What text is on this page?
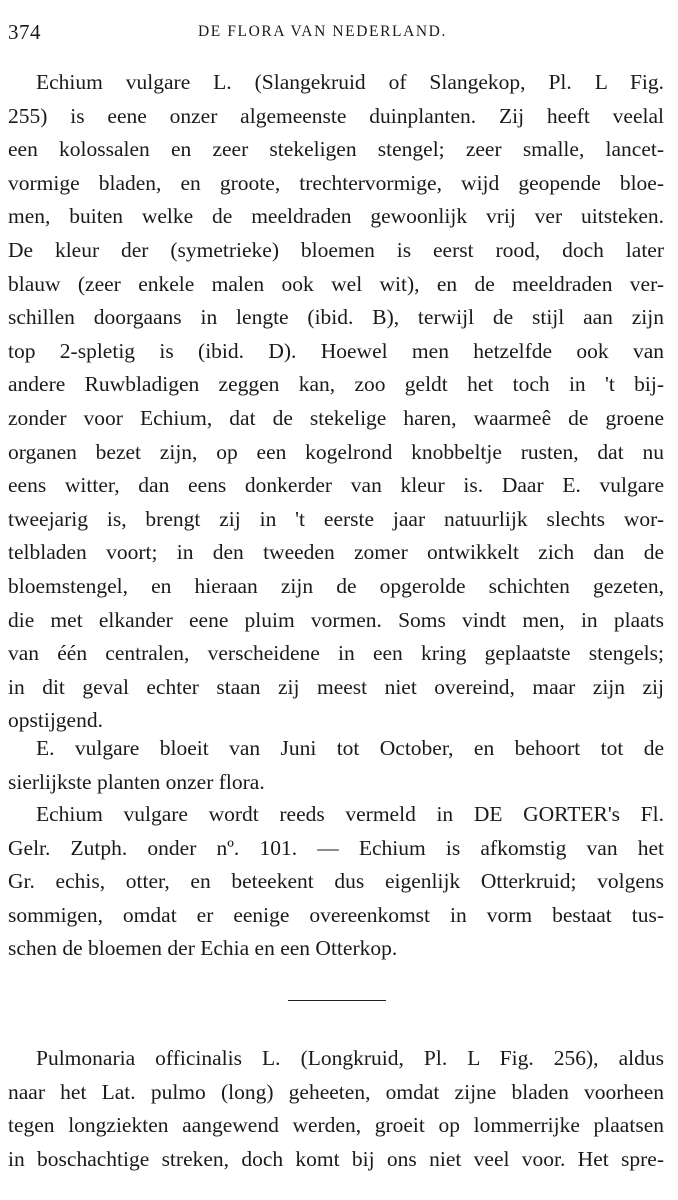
374	DE FLORA VAN NEDERLAND.
Echium vulgare L. (Slangekruid of Slangekop, Pl. L Fig.
255) is eene onzer algemeenste duinplanten. Zij heeft veelal
een kolossalen en zeer stekeligen stengel; zeer smalle, lancet-
vormige bladen, en groote, trechtervormige, wijd geopende bloe-
men, buiten welke de meeldraden gewoonlijk vrij ver uitsteken.
De kleur der (symetrieke) bloemen is eerst rood, doch later
blauw (zeer enkele malen ook wel wit), en de meeldraden ver-
schillen doorgaans in lengte (ibid. B), terwijl de stijl aan zijn
top 2-spletig is (ibid. D). Hoewel men hetzelfde ook van
andere Ruwbladigen zeggen kan, zoo geldt het toch in 't bij-
zonder voor Echium, dat de stekelige haren, waarmeê de groene
organen bezet zijn, op een kogelrond knobbeltje rusten, dat nu
eens witter, dan eens donkerder van kleur is. Daar E. vulgare
tweejarig is, brengt zij in 't eerste jaar natuurlijk slechts wor-
telbladen voort; in den tweeden zomer ontwikkelt zich dan de
bloemstengel, en hieraan zijn de opgerolde schichten gezeten,
die met elkander eene pluim vormen. Soms vindt men, in plaats
van één centralen, verscheidene in een kring geplaatste stengels;
in dit geval echter staan zij meest niet overeind, maar zijn zij
opstijgend.
E. vulgare bloeit van Juni tot October, en behoort tot de
sierlijkste planten onzer flora.
Echium vulgare wordt reeds vermeld in DE GORTER's Fl.
Gelr. Zutph. onder nº. 101. — Echium is afkomstig van het
Gr. echis, otter, en beteekent dus eigenlijk Otterkruid; volgens
sommigen, omdat er eenige overeenkomst in vorm bestaat tus-
schen de bloemen der Echia en een Otterkop.
Pulmonaria officinalis L. (Longkruid, Pl. L Fig. 256), aldus
naar het Lat. pulmo (long) geheeten, omdat zijne bladen voorheen
tegen longziekten aangewend werden, groeit op lommerrijke plaatsen
in boschachtige streken, doch komt bij ons niet veel voor. Het spre-
